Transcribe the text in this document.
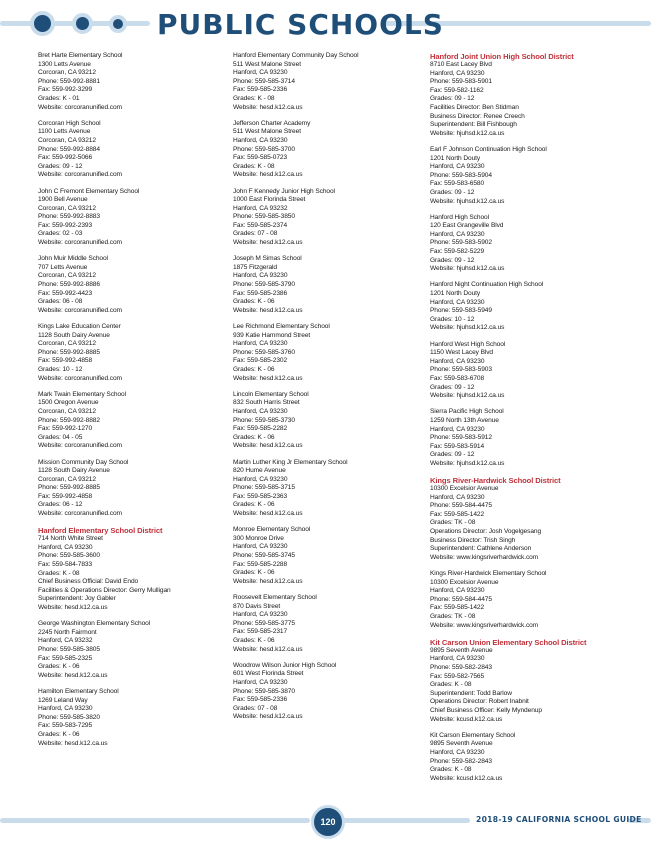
PUBLIC SCHOOLS
Bret Harte Elementary School
1300 Letts Avenue
Corcoran, CA 93212
Phone: 559-992-8881
Fax: 559-992-3299
Grades: K - 01
Website: corcoranunified.com
Corcoran High School
1100 Letts Avenue
Corcoran, CA 93212
Phone: 559-992-8884
Fax: 559-992-5066
Grades: 09 - 12
Website: corcoranunified.com
John C Fremont Elementary School
1900 Bell Avenue
Corcoran, CA 93212
Phone: 559-992-8883
Fax: 559-992-2393
Grades: 02 - 03
Website: corcoranunified.com
John Muir Middle School
707 Letts Avenue
Corcoran, CA 93212
Phone: 559-992-8886
Fax: 559-992-4423
Grades: 06 - 08
Website: corcoranunified.com
Kings Lake Education Center
1128 South Dairy Avenue
Corcoran, CA 93212
Phone: 559-992-8885
Fax: 559-992-4858
Grades: 10 - 12
Website: corcoranunified.com
Mark Twain Elementary School
1500 Oregon Avenue
Corcoran, CA 93212
Phone: 559-992-8882
Fax: 559-992-1270
Grades: 04 - 05
Website: corcoranunified.com
Mission Community Day School
1128 South Dairy Avenue
Corcoran, CA 93212
Phone: 559-992-8885
Fax: 559-992-4858
Grades: 06 - 12
Website: corcoranunified.com
Hanford Elementary School District
714 North White Street
Hanford, CA 93230
Phone: 559-585-3600
Fax: 559-584-7833
Grades: K - 08
Chief Business Official: David Endo
Facilities & Operations Director: Gerry Mulligan
Superintendent: Joy Gabler
Website: hesd.k12.ca.us
George Washington Elementary School
2245 North Fairmont
Hanford, CA 93232
Phone: 559-585-3805
Fax: 559-585-2325
Grades: K - 06
Website: hesd.k12.ca.us
Hamilton Elementary School
1269 Leland Way
Hanford, CA 93230
Phone: 559-585-3820
Fax: 559-583-7295
Grades: K - 06
Website: hesd.k12.ca.us
Hanford Elementary Community Day School
511 West Malone Street
Hanford, CA 93230
Phone: 559-585-3714
Fax: 559-585-2336
Grades: K - 08
Website: hesd.k12.ca.us
Jefferson Charter Academy
511 West Malone Street
Hanford, CA 93230
Phone: 559-585-3700
Fax: 559-585-0723
Grades: K - 08
Website: hesd.k12.ca.us
John F Kennedy Junior High School
1000 East Florinda Street
Hanford, CA 93232
Phone: 559-585-3850
Fax: 559-585-2374
Grades: 07 - 08
Website: hesd.k12.ca.us
Joseph M Simas School
1875 Fitzgerald
Hanford, CA 93230
Phone: 559-585-3790
Fax: 559-585-2386
Grades: K - 06
Website: hesd.k12.ca.us
Lee Richmond Elementary School
939 Katie Hammond Street
Hanford, CA 93230
Phone: 559-585-3760
Fax: 559-585-2302
Grades: K - 06
Website: hesd.k12.ca.us
Lincoln Elementary School
832 South Harris Street
Hanford, CA 93230
Phone: 559-585-3730
Fax: 559-585-2282
Grades: K - 06
Website: hesd.k12.ca.us
Martin Luther King Jr Elementary School
820 Hume Avenue
Hanford, CA 93230
Phone: 559-585-3715
Fax: 559-585-2363
Grades: K - 06
Website: hesd.k12.ca.us
Monroe Elementary School
300 Monroe Drive
Hanford, CA 93230
Phone: 559-585-3745
Fax: 559-585-2288
Grades: K - 06
Website: hesd.k12.ca.us
Roosevelt Elementary School
870 Davis Street
Hanford, CA 93230
Phone: 559-585-3775
Fax: 559-585-2317
Grades: K - 06
Website: hesd.k12.ca.us
Woodrow Wilson Junior High School
601 West Florinda Street
Hanford, CA 93230
Phone: 559-585-3870
Fax: 559-585-2336
Grades: 07 - 08
Website: hesd.k12.ca.us
Hanford Joint Union High School District
8710 East Lacey Blvd
Hanford, CA 93230
Phone: 559-583-5901
Fax: 559-582-1162
Grades: 09 - 12
Facilities Director: Ben Stidman
Business Director: Renee Creech
Superintendent: Bill Fishbough
Website: hjuhsd.k12.ca.us
Earl F Johnson Continuation High School
1201 North Douty
Hanford, CA 93230
Phone: 559-583-5904
Fax: 559-583-6580
Grades: 09 - 12
Website: hjuhsd.k12.ca.us
Hanford High School
120 East Grangeville Blvd
Hanford, CA 93230
Phone: 559-583-5902
Fax: 559-582-5229
Grades: 09 - 12
Website: hjuhsd.k12.ca.us
Hanford Night Continuation High School
1201 North Douty
Hanford, CA 93230
Phone: 559-583-5949
Grades: 10 - 12
Website: hjuhsd.k12.ca.us
Hanford West High School
1150 West Lacey Blvd
Hanford, CA 93230
Phone: 559-583-5903
Fax: 559-583-6708
Grades: 09 - 12
Website: hjuhsd.k12.ca.us
Sierra Pacific High School
1259 North 13th Avenue
Hanford, CA 93230
Phone: 559-583-5912
Fax: 559-583-5914
Grades: 09 - 12
Website: hjuhsd.k12.ca.us
Kings River-Hardwick School District
10300 Excelsior Avenue
Hanford, CA 93230
Phone: 559-584-4475
Fax: 559-585-1422
Grades: TK - 08
Operations Director: Josh Vogelgesang
Business Director: Trish Singh
Superintendent: Cathlene Anderson
Website: www.kingsriverhardwick.com
Kings River-Hardwick Elementary School
10300 Excelsior Avenue
Hanford, CA 93230
Phone: 559-584-4475
Fax: 559-585-1422
Grades: TK - 08
Website: www.kingsriverhardwick.com
Kit Carson Union Elementary School District
9895 Seventh Avenue
Hanford, CA 93230
Phone: 559-582-2843
Fax: 559-582-7565
Grades: K - 08
Superintendent: Todd Barlow
Operations Director: Robert Inabnit
Chief Business Officer: Kelly Myndenup
Website: kcusd.k12.ca.us
Kit Carson Elementary School
9895 Seventh Avenue
Hanford, CA 93230
Phone: 559-582-2843
Grades: K - 08
Website: kcusd.k12.ca.us
120	2018-19 CALIFORNIA SCHOOL GUIDE
